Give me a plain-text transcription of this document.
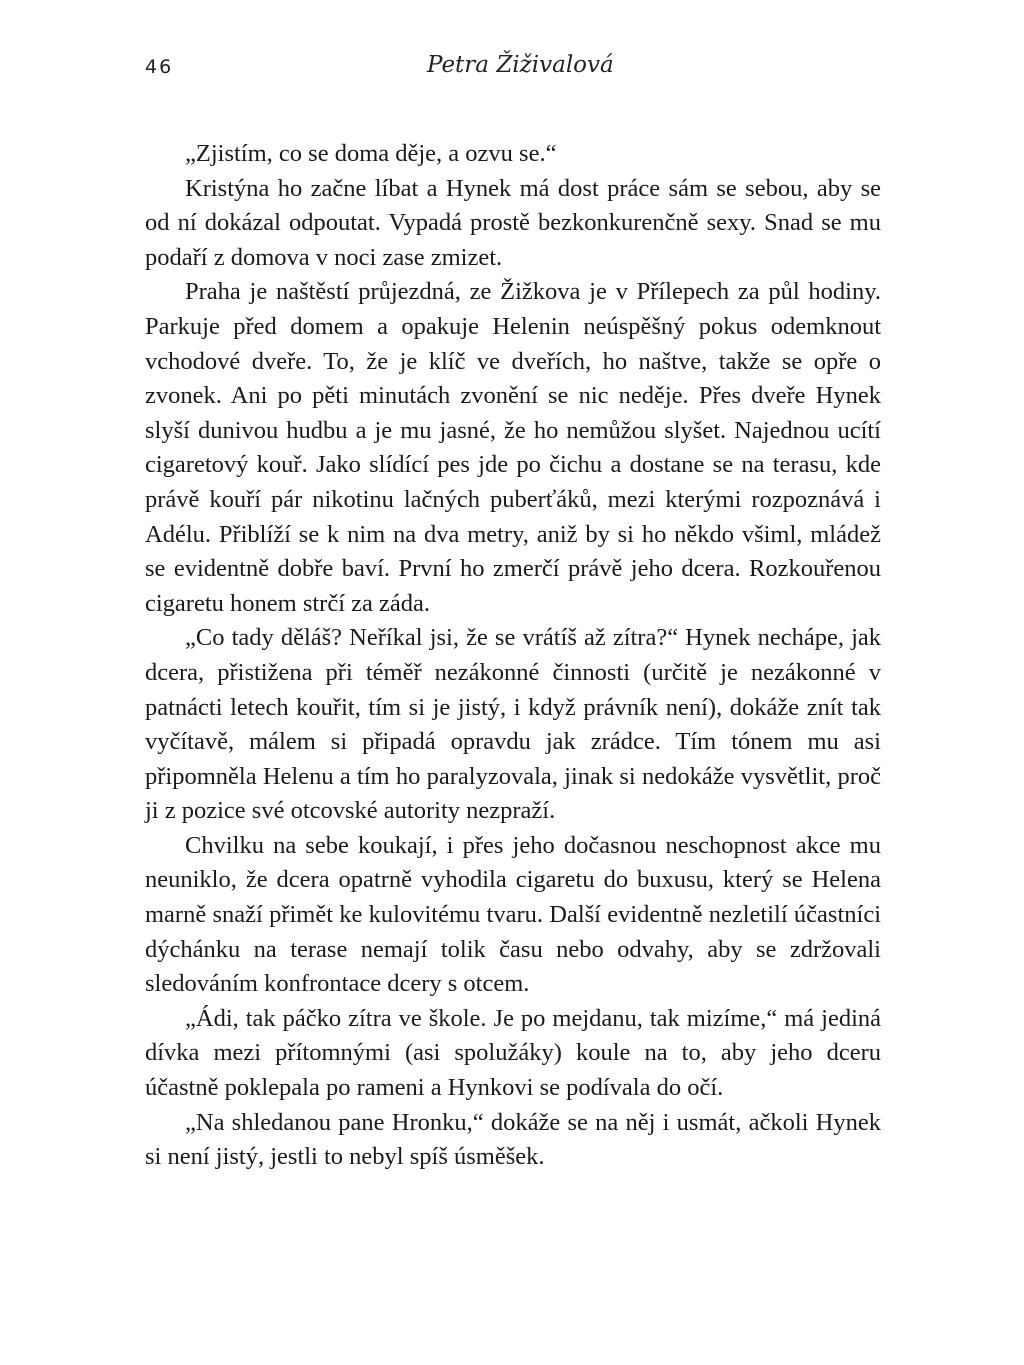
46	Petra Žiživalová

„Zjistím, co se doma děje, a ozvu se.“

Kristýna ho začne líbat a Hynek má dost práce sám se sebou, aby se od ní dokázal odpoutat. Vypadá prostě bezkonkurenčně sexy. Snad se mu podaří z domova v noci zase zmizet.

Praha je naštěstí průjezdná, ze Žižkova je v Přílepech za půl hodiny. Parkuje před domem a opakuje Helenin neúspěšný pokus odemknout vchodové dveře. To, že je klíč ve dveřích, ho naštve, takže se opře o zvonek. Ani po pěti minutách zvonění se nic neděje. Přes dveře Hynek slyší dunivou hudbu a je mu jasné, že ho nemůžou slyšet. Najednou ucítí cigaretový kouř. Jako slídící pes jde po čichu a dostane se na terasu, kde právě kouří pár nikotinu lačných puberťáků, mezi kterými rozpoznává i Adélu. Přiblíží se k nim na dva metry, aniž by si ho někdo všiml, mládež se evidentně dobře baví. První ho zmerčí právě jeho dcera. Rozkouřenou cigaretu honem strčí za záda.

„Co tady děláš? Neříkal jsi, že se vrátíš až zítra?“ Hynek nechápe, jak dcera, přistižena při téměř nezákonné činnosti (určitě je nezákonné v patnácti letech kouřit, tím si je jistý, i když právník není), dokáže znít tak vyčítavě, málem si připadá opravdu jak zrádce. Tím tónem mu asi připomněla Helenu a tím ho paralyzovala, jinak si nedokáže vysvětlit, proč ji z pozice své otcovské autority nezpraží.

Chvilku na sebe koukají, i přes jeho dočasnou neschopnost akce mu neuniklo, že dcera opatrně vyhodila cigaretu do buxusu, který se Helena marně snaží přimět ke kulovitému tvaru. Další evidentně nezletilí účastníci dýchánku na terase nemají tolik času nebo odvahy, aby se zdržovali sledováním konfrontace dcery s otcem.

„Ádi, tak páčko zítra ve škole. Je po mejdanu, tak mizíme,“ má jediná dívka mezi přítomnými (asi spolužáky) koule na to, aby jeho dceru účastně poklepala po rameni a Hynkovi se podívala do očí.

„Na shledanou pane Hronku,“ dokáže se na něj i usmát, ačkoli Hynek si není jistý, jestli to nebyl spíš úsměšek.
